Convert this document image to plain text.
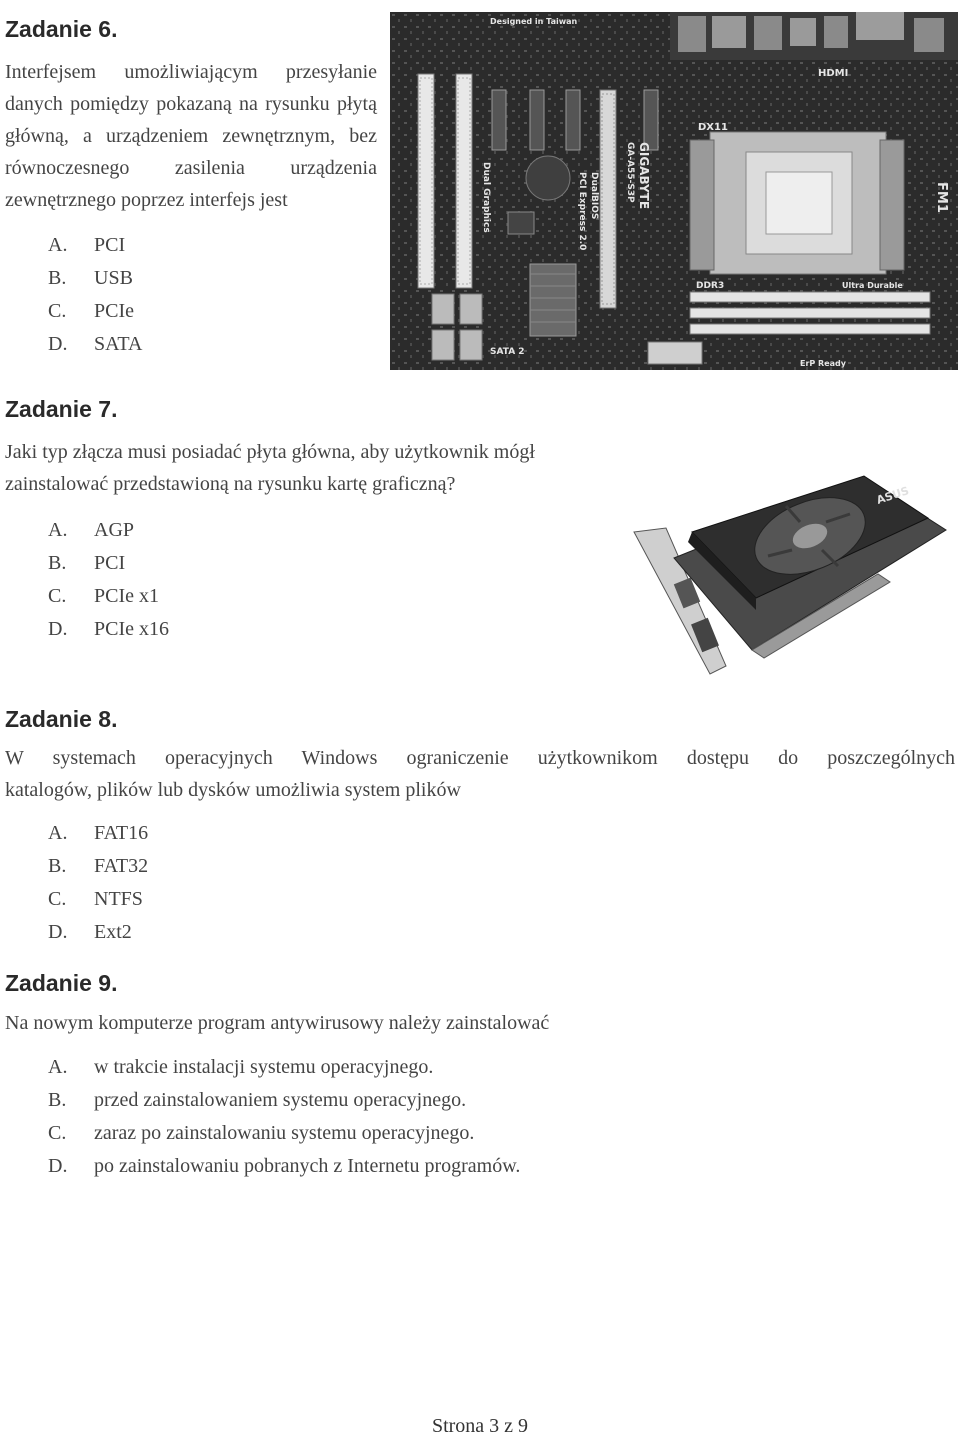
Zadanie 6.
Interfejsem umożliwiającym przesyłanie
danych pomiędzy pokazaną na rysunku płytą
główną, a urządzeniem zewnętrznym, bez
równoczesnego zasilenia urządzenia
zewnętrznego poprzez interfejs jest
A. PCI
B. USB
C. PCIe
D. SATA
Designed in Taiwan
HDMI
DX11
FM1
GIGABYTE
GA-A55-S3P
PCI Express 2.0 DualBIOS
Dual Graphics
DDR3	Ultra Durable
SATA 2
ErP Ready
Zadanie 7.
Jaki typ złącza musi posiadać płyta główna, aby użytkownik mógł
zainstalować przedstawioną na rysunku kartę graficzną?
A. AGP
B. PCI
C. PCIe x1
D. PCIe x16
ASUS
Zadanie 8.
W systemach operacyjnych Windows ograniczenie użytkownikom dostępu do poszczególnych
katalogów, plików lub dysków umożliwia system plików
A. FAT16
B. FAT32
C. NTFS
D. Ext2
Zadanie 9.
Na nowym komputerze program antywirusowy należy zainstalować
A. w trakcie instalacji systemu operacyjnego.
B. przed zainstalowaniem systemu operacyjnego.
C. zaraz po zainstalowaniu systemu operacyjnego.
D. po zainstalowaniu pobranych z Internetu programów.
Strona 3 z 9
